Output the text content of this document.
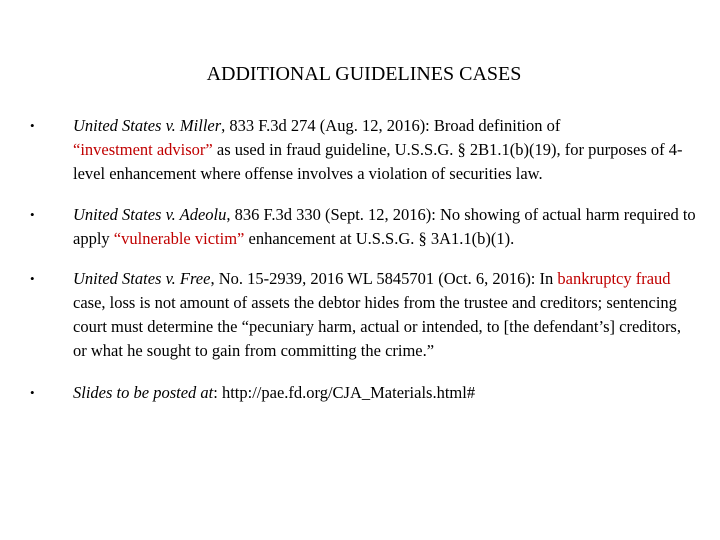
ADDITIONAL GUIDELINES CASES
• United States v. Miller, 833 F.3d 274 (Aug. 12, 2016): Broad definition of
“investment advisor” as used in fraud guideline, U.S.S.G. § 2B1.1(b)(19), for purposes of 4-level enhancement where offense involves a violation of securities law.
• United States v. Adeolu, 836 F.3d 330 (Sept. 12, 2016): No showing of actual harm required to apply “vulnerable victim” enhancement at U.S.S.G. § 3A1.1(b)(1).
• United States v. Free, No. 15-2939, 2016 WL 5845701 (Oct. 6, 2016): In bankruptcy fraud case, loss is not amount of assets the debtor hides from the trustee and creditors; sentencing court must determine the “pecuniary harm, actual or intended, to [the defendant’s] creditors, or what he sought to gain from committing the crime.”
• Slides to be posted at: http://pae.fd.org/CJA_Materials.html#
